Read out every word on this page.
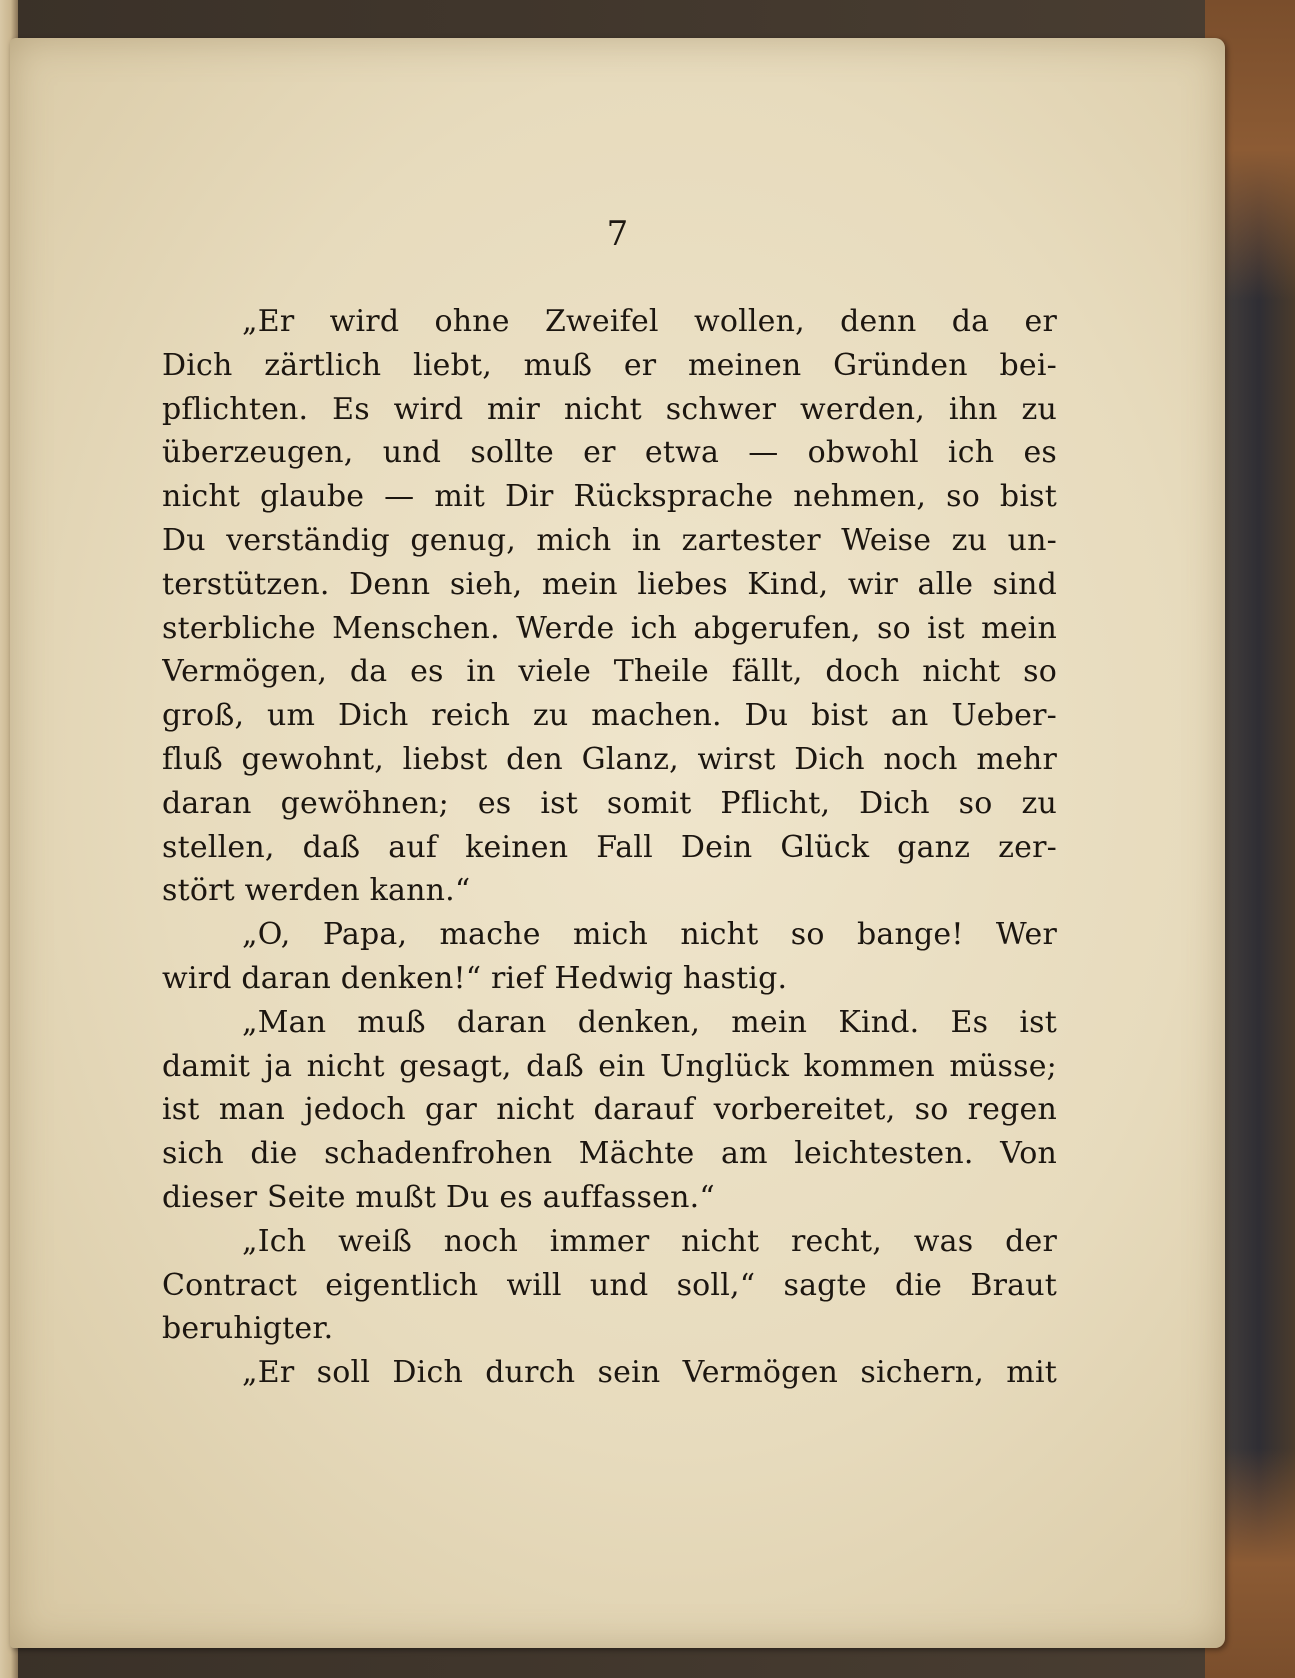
7

„Er wird ohne Zweifel wollen, denn da er
Dich zärtlich liebt, muß er meinen Gründen bei-
pflichten. Es wird mir nicht schwer werden, ihn zu
überzeugen, und sollte er etwa — obwohl ich es
nicht glaube — mit Dir Rücksprache nehmen, so bist
Du verständig genug, mich in zartester Weise zu un-
terstützen. Denn sieh, mein liebes Kind, wir alle sind
sterbliche Menschen. Werde ich abgerufen, so ist mein
Vermögen, da es in viele Theile fällt, doch nicht so
groß, um Dich reich zu machen. Du bist an Ueber-
fluß gewohnt, liebst den Glanz, wirst Dich noch mehr
daran gewöhnen; es ist somit Pflicht, Dich so zu
stellen, daß auf keinen Fall Dein Glück ganz zer-
stört werden kann.“
„O, Papa, mache mich nicht so bange! Wer
wird daran denken!“ rief Hedwig hastig.
„Man muß daran denken, mein Kind. Es ist
damit ja nicht gesagt, daß ein Unglück kommen müsse;
ist man jedoch gar nicht darauf vorbereitet, so regen
sich die schadenfrohen Mächte am leichtesten. Von
dieser Seite mußt Du es auffassen.“
„Ich weiß noch immer nicht recht, was der
Contract eigentlich will und soll,“ sagte die Braut
beruhigter.
„Er soll Dich durch sein Vermögen sichern, mit
